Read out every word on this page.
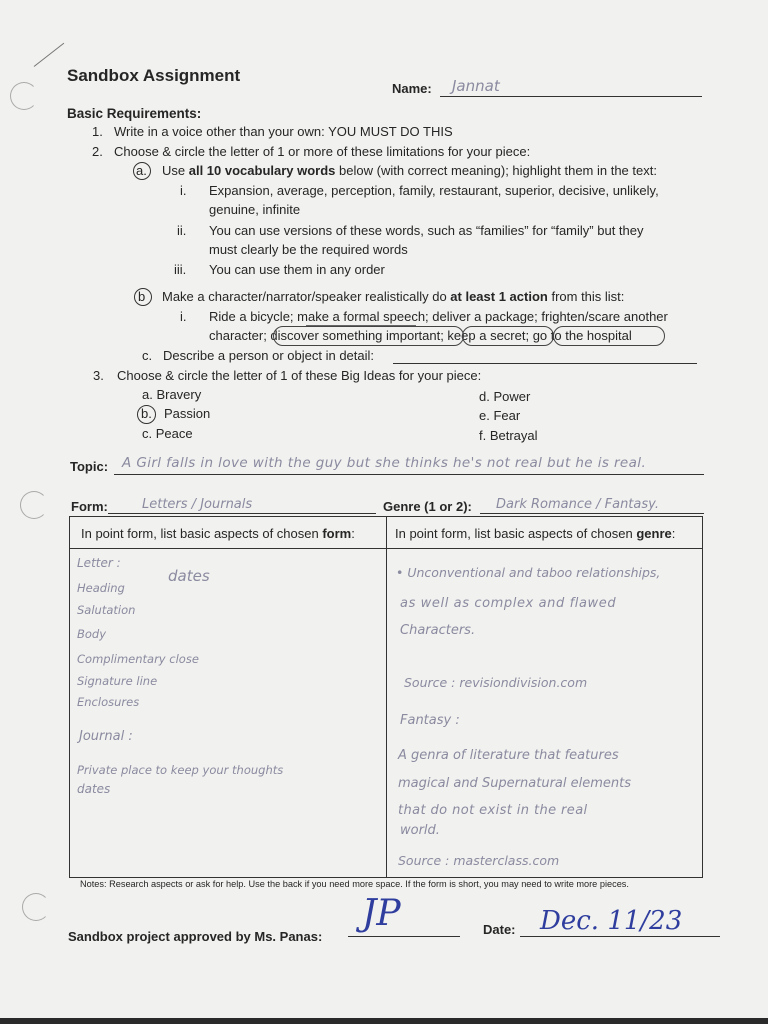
Sandbox Assignment
Name: Jannat
Basic Requirements:
1. Write in a voice other than your own: YOU MUST DO THIS
2. Choose & circle the letter of 1 or more of these limitations for your piece:
a. Use all 10 vocabulary words below (with correct meaning); highlight them in the text:
i. Expansion, average, perception, family, restaurant, superior, decisive, unlikely,
genuine, infinite
ii. You can use versions of these words, such as “families” for “family” but they
must clearly be the required words
iii. You can use them in any order
b Make a character/narrator/speaker realistically do at least 1 action from this list:
i. Ride a bicycle; make a formal speech; deliver a package; frighten/scare another
character; discover something important; keep a secret; go to the hospital
c. Describe a person or object in detail:
3. Choose & circle the letter of 1 of these Big Ideas for your piece:
a. Bravery
b. Passion
c. Peace
d. Power
e. Fear
f. Betrayal
Topic: A Girl falls in love with the guy but she thinks he's not real but he is real.
Form:	Letters / Journals	Genre (1 or 2): Dark Romance / Fantasy.
In point form, list basic aspects of chosen form:	In point form, list basic aspects of chosen genre:

Letter :
Heading
dates
Salutation
Body
Complimentary close
Signature line
Enclosures
Journal :
Private place to keep your thoughts
dates
• Unconventional and taboo relationships,
as well as complex and flawed
Characters.
Source : revisiondivision.com
Fantasy :
A genra of literature that features
magical and Supernatural elements
that do not exist in the real
world.
Source : masterclass.com
Notes: Research aspects or ask for help. Use the back if you need more space. If the form is short, you may need to write more pieces.
Sandbox project approved by Ms. Panas:
JP	Date: Dec. 11/23
